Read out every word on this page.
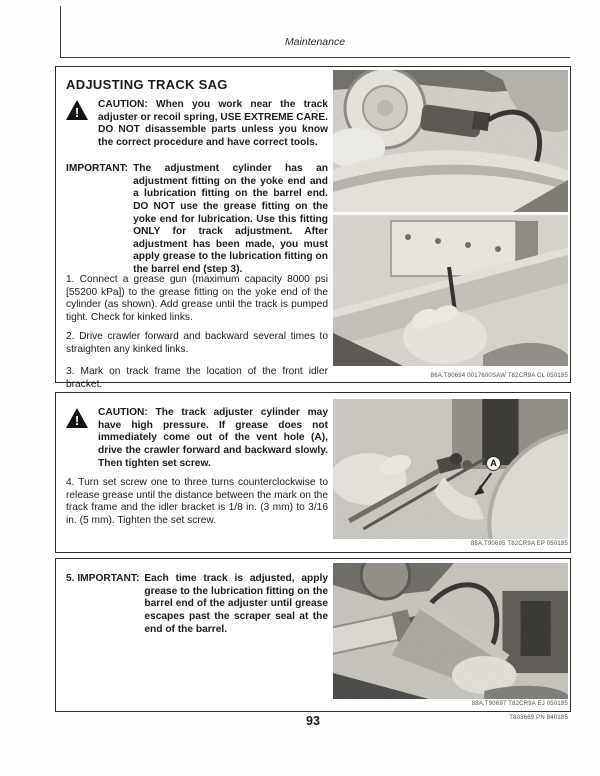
Maintenance
ADJUSTING TRACK SAG
!
CAUTION: When you work near the track adjuster or recoil spring, USE EXTREME CARE. DO NOT disassemble parts unless you know the correct procedure and have correct tools.
IMPORTANT: The adjustment cylinder has an adjustment fitting on the yoke end and a lubrication fitting on the barrel end. DO NOT use the grease fitting on the yoke end for lubrication. Use this fitting ONLY for track adjustment. After adjustment has been made, you must apply grease to the lubrication fitting on the barrel end (step 3).
1. Connect a grease gun (maximum capacity 8000 psi [55200 kPa]) to the grease fitting on the yoke end of the cylinder (as shown). Add grease until the track is pumped tight. Check for kinked links.
2. Drive crawler forward and backward several times to straighten any kinked links.
3. Mark on track frame the location of the front idler bracket.
86A,T90694 0017600SAW T82CR9A CL 050185
!
CAUTION: The track adjuster cylinder may have high pressure. If grease does not immediately come out of the vent hole (A), drive the crawler forward and backward slowly. Then tighten set screw.
4. Turn set screw one to three turns counterclockwise to release grease until the distance between the mark on the track frame and the idler bracket is 1/8 in. (3 mm) to 3/16 in. (5 mm). Tighten the set screw.
A
88A,T90695 T82CR9A EP 050185
5. IMPORTANT: Each time track is adjusted, apply grease to the lubrication fitting on the barrel end of the adjuster until grease escapes past the scraper seal at the end of the barrel.
88A,T90697 T82CR9A EJ 050185
93	T803669 PN 840185
